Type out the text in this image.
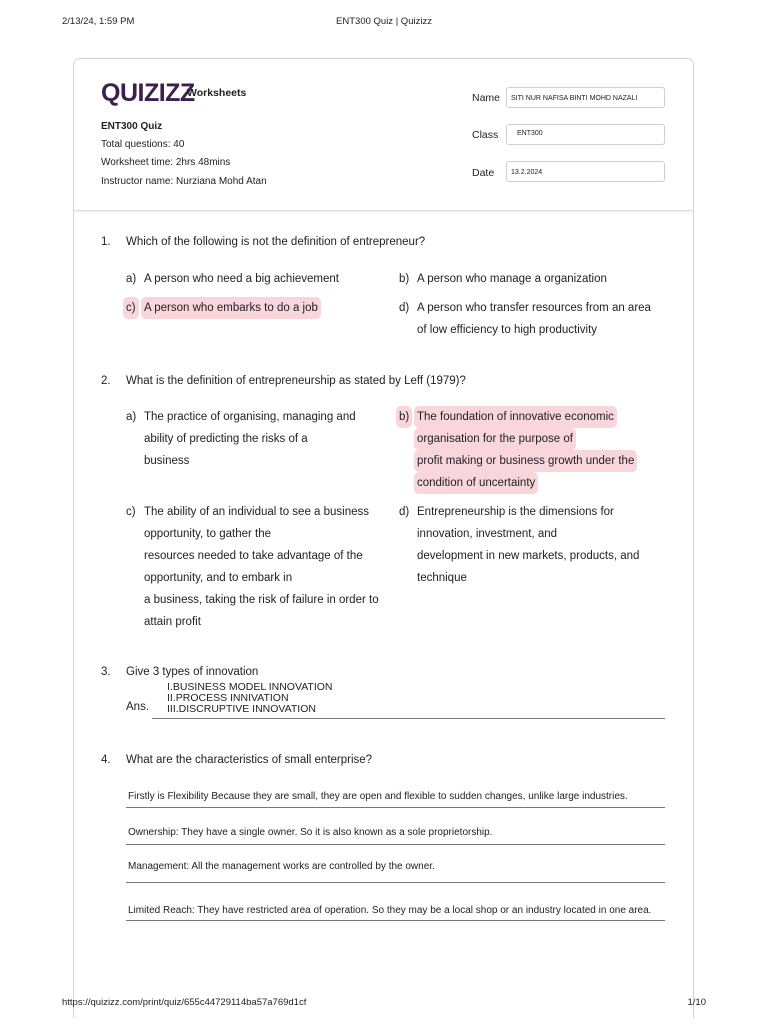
2/13/24, 1:59 PM	ENT300 Quiz | Quizizz
QUIZIZZ
Worksheets
ENT300 Quiz
Total questions: 40
Worksheet time: 2hrs 48mins
Instructor name: Nurziana Mohd Atan
Name	SITI NUR NAFISA BINTI MOHD NAZALI
Class	ENT300
Date	13.2.2024
1. Which of the following is not the definition of entrepreneur?
a) A person who need a big achievement	b) A person who manage a organization
c) A person who embarks to do a job	d) A person who transfer resources from an area
of low efficiency to high productivity
2. What is the definition of entrepreneurship as stated by Leff (1979)?
a) The practice of organising, managing and
ability of predicting the risks of a
business
b) The foundation of innovative economic
organisation for the purpose of
profit making or business growth under the
condition of uncertainty
c) The ability of an individual to see a business
opportunity, to gather the
resources needed to take advantage of the
opportunity, and to embark in
a business, taking the risk of failure in order to
attain profit
d) Entrepreneurship is the dimensions for
innovation, investment, and
development in new markets, products, and
technique
3. Give 3 types of innovation
Ans.
I.BUSINESS MODEL INNOVATION
II.PROCESS INNIVATION
III.DISCRUPTIVE INNOVATION
4. What are the characteristics of small enterprise?
Firstly is Flexibility Because they are small, they are open and flexible to sudden changes, unlike large industries.
Ownership: They have a single owner. So it is also known as a sole proprietorship.
Management: All the management works are controlled by the owner.
Limited Reach: They have restricted area of operation. So they may be a local shop or an industry located in one area.
https://quizizz.com/print/quiz/655c44729114ba57a769d1cf	1/10
